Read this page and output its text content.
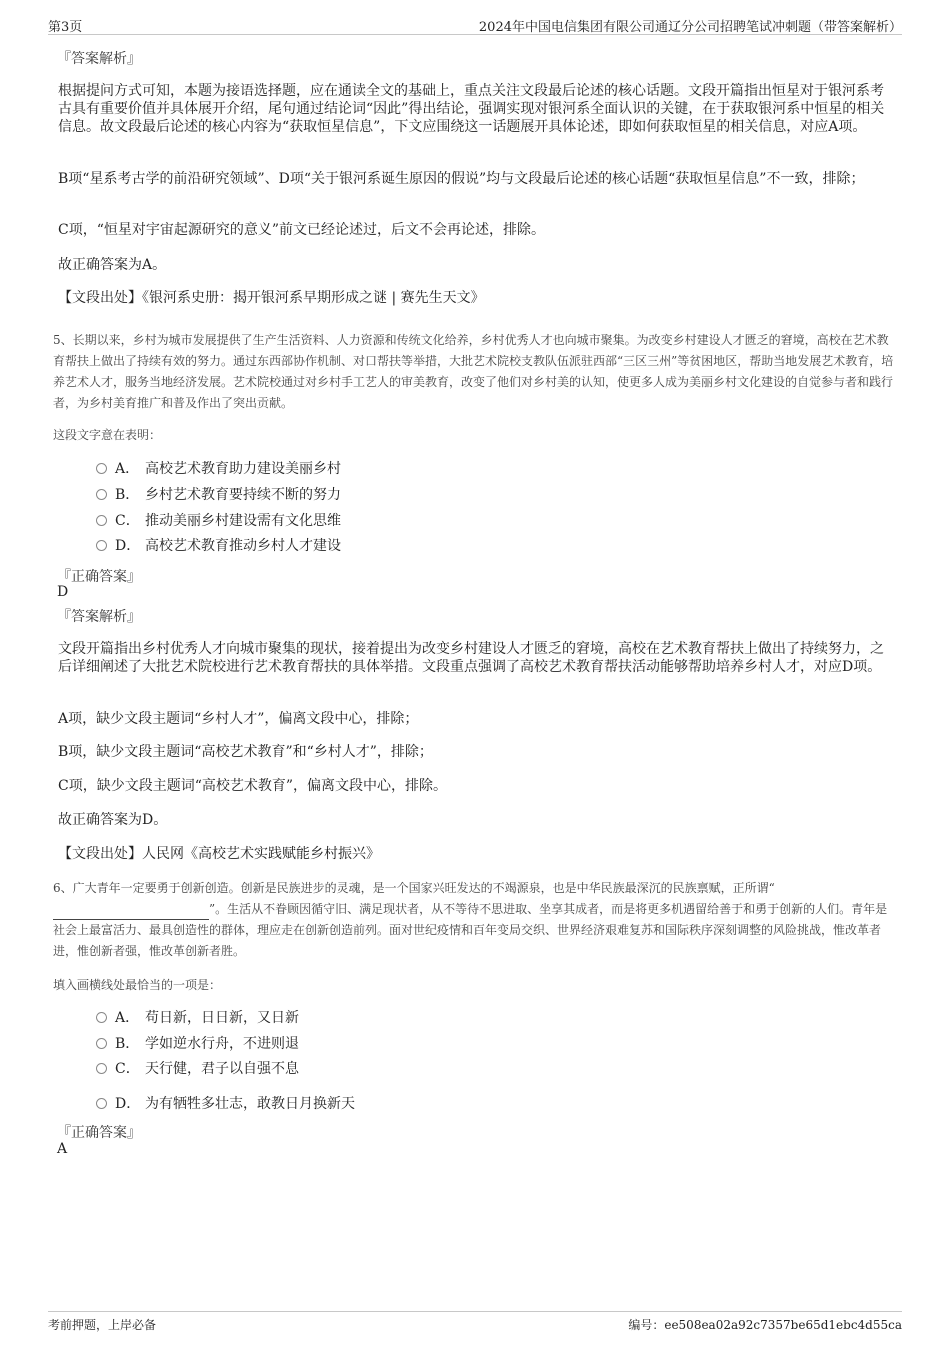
第3页	2024年中国电信集团有限公司通辽分公司招聘笔试冲刺题（带答案解析）
『答案解析』

根据提问方式可知，本题为接语选择题，应在通读全文的基础上，重点关注文段最后论述的核心话题。文段开篇指出恒星对于银河系考古具有重要价值并具体展开介绍，尾句通过结论词“因此”得出结论，强调实现对银河系全面认识的关键，在于获取银河系中恒星的相关信息。故文段最后论述的核心内容为“获取恒星信息”，下文应围绕这一话题展开具体论述，即如何获取恒星的相关信息，对应A项。

B项“星系考古学的前沿研究领域”、D项“关于银河系诞生原因的假说”均与文段最后论述的核心话题“获取恒星信息”不一致，排除；

C项，“恒星对宇宙起源研究的意义”前文已经论述过，后文不会再论述，排除。

故正确答案为A。

【文段出处】《银河系史册：揭开银河系早期形成之谜 | 赛先生天文》

5、长期以来，乡村为城市发展提供了生产生活资料、人力资源和传统文化给养，乡村优秀人才也向城市聚集。为改变乡村建设人才匮乏的窘境，高校在艺术教育帮扶上做出了持续有效的努力。通过东西部协作机制、对口帮扶等举措，大批艺术院校支教队伍派驻西部“三区三州”等贫困地区，帮助当地发展艺术教育，培养艺术人才，服务当地经济发展。艺术院校通过对乡村手工艺人的审美教育，改变了他们对乡村美的认知，使更多人成为美丽乡村文化建设的自觉参与者和践行者，为乡村美育推广和普及作出了突出贡献。

这段文字意在表明：
A． 高校艺术教育助力建设美丽乡村
B． 乡村艺术教育要持续不断的努力
C． 推动美丽乡村建设需有文化思维
D． 高校艺术教育推动乡村人才建设
『正确答案』
D
『答案解析』

文段开篇指出乡村优秀人才向城市聚集的现状，接着提出为改变乡村建设人才匮乏的窘境，高校在艺术教育帮扶上做出了持续努力，之后详细阐述了大批艺术院校进行艺术教育帮扶的具体举措。文段重点强调了高校艺术教育帮扶活动能够帮助培养乡村人才，对应D项。

A项，缺少文段主题词“乡村人才”，偏离文段中心，排除；

B项，缺少文段主题词“高校艺术教育”和“乡村人才”，排除；

C项，缺少文段主题词“高校艺术教育”，偏离文段中心，排除。

故正确答案为D。

【文段出处】人民网《高校艺术实践赋能乡村振兴》

6、广大青年一定要勇于创新创造。创新是民族进步的灵魂，是一个国家兴旺发达的不竭源泉，也是中华民族最深沉的民族禀赋，正所谓“”。生活从不眷顾因循守旧、满足现状者，从不等待不思进取、坐享其成者，而是将更多机遇留给善于和勇于创新的人们。青年是社会上最富活力、最具创造性的群体，理应走在创新创造前列。面对世纪疫情和百年变局交织、世界经济艰难复苏和国际秩序深刻调整的风险挑战，惟改革者进，惟创新者强，惟改革创新者胜。

填入画横线处最恰当的一项是：
A． 苟日新，日日新，又日新
B． 学如逆水行舟，不进则退
C． 天行健，君子以自强不息
D． 为有牺牲多壮志，敢教日月换新天
『正确答案』
A
考前押题，上岸必备	编号：ee508ea02a92c7357be65d1ebc4d55ca
